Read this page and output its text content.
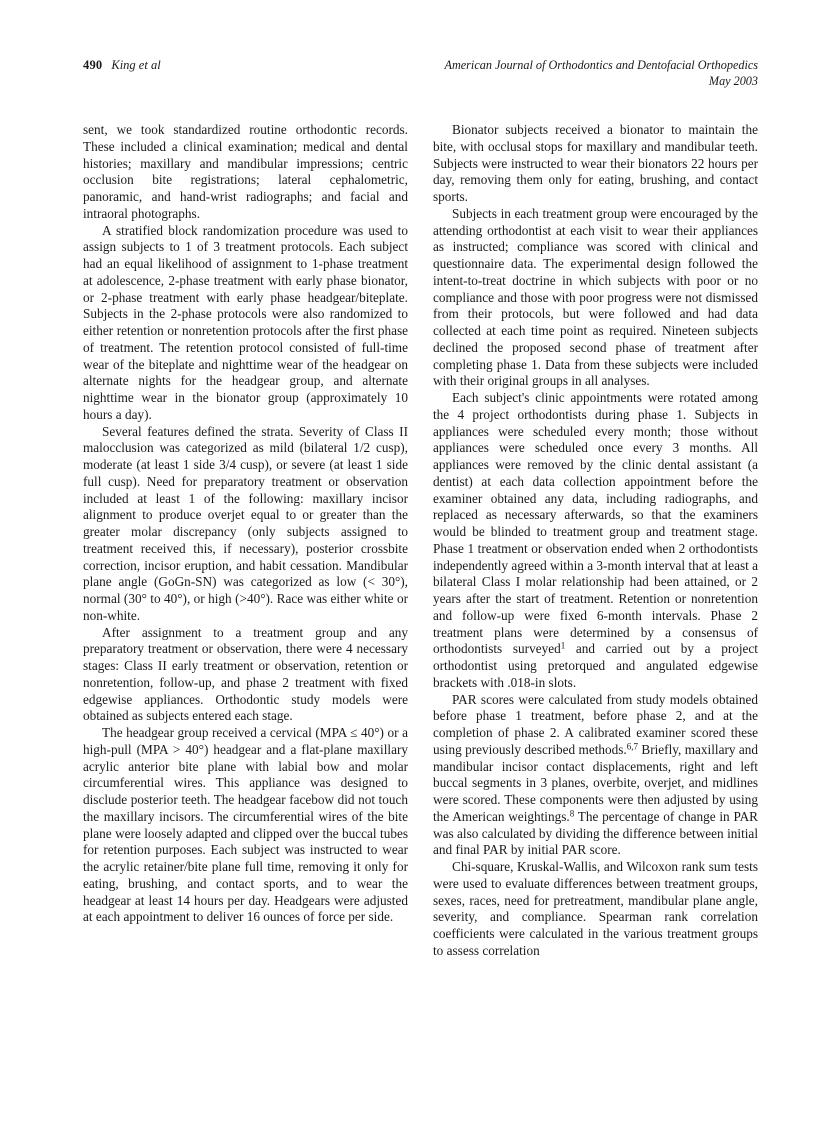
490 King et al	American Journal of Orthodontics and Dentofacial Orthopedics
May 2003

sent, we took standardized routine orthodontic records. These included a clinical examination; medical and dental histories; maxillary and mandibular impressions; centric occlusion bite registrations; lateral cephalometric, panoramic, and hand-wrist radiographs; and facial and intraoral photographs.

A stratified block randomization procedure was used to assign subjects to 1 of 3 treatment protocols. Each subject had an equal likelihood of assignment to 1-phase treatment at adolescence, 2-phase treatment with early phase bionator, or 2-phase treatment with early phase headgear/biteplate. Subjects in the 2-phase protocols were also randomized to either retention or nonretention protocols after the first phase of treatment. The retention protocol consisted of full-time wear of the biteplate and nighttime wear of the headgear on alternate nights for the headgear group, and alternate nighttime wear in the bionator group (approximately 10 hours a day).

Several features defined the strata. Severity of Class II malocclusion was categorized as mild (bilateral 1/2 cusp), moderate (at least 1 side 3/4 cusp), or severe (at least 1 side full cusp). Need for preparatory treatment or observation included at least 1 of the following: maxillary incisor alignment to produce overjet equal to or greater than the greater molar discrepancy (only subjects assigned to treatment received this, if necessary), posterior crossbite correction, incisor eruption, and habit cessation. Mandibular plane angle (GoGn-SN) was categorized as low (< 30°), normal (30° to 40°), or high (>40°). Race was either white or non-white.

After assignment to a treatment group and any preparatory treatment or observation, there were 4 necessary stages: Class II early treatment or observation, retention or nonretention, follow-up, and phase 2 treatment with fixed edgewise appliances. Orthodontic study models were obtained as subjects entered each stage.

The headgear group received a cervical (MPA ≤ 40°) or a high-pull (MPA > 40°) headgear and a flat-plane maxillary acrylic anterior bite plane with labial bow and molar circumferential wires. This appliance was designed to disclude posterior teeth. The headgear facebow did not touch the maxillary incisors. The circumferential wires of the bite plane were loosely adapted and clipped over the buccal tubes for retention purposes. Each subject was instructed to wear the acrylic retainer/bite plane full time, removing it only for eating, brushing, and contact sports, and to wear the headgear at least 14 hours per day. Headgears were adjusted at each appointment to deliver 16 ounces of force per side.

Bionator subjects received a bionator to maintain the bite, with occlusal stops for maxillary and mandibular teeth. Subjects were instructed to wear their bionators 22 hours per day, removing them only for eating, brushing, and contact sports.

Subjects in each treatment group were encouraged by the attending orthodontist at each visit to wear their appliances as instructed; compliance was scored with clinical and questionnaire data. The experimental design followed the intent-to-treat doctrine in which subjects with poor or no compliance and those with poor progress were not dismissed from their protocols, but were followed and had data collected at each time point as required. Nineteen subjects declined the proposed second phase of treatment after completing phase 1. Data from these subjects were included with their original groups in all analyses.

Each subject's clinic appointments were rotated among the 4 project orthodontists during phase 1. Subjects in appliances were scheduled every month; those without appliances were scheduled once every 3 months. All appliances were removed by the clinic dental assistant (a dentist) at each data collection appointment before the examiner obtained any data, including radiographs, and replaced as necessary afterwards, so that the examiners would be blinded to treatment group and treatment stage. Phase 1 treatment or observation ended when 2 orthodontists independently agreed within a 3-month interval that at least a bilateral Class I molar relationship had been attained, or 2 years after the start of treatment. Retention or nonretention and follow-up were fixed 6-month intervals. Phase 2 treatment plans were determined by a consensus of orthodontists surveyed$^1$ and carried out by a project orthodontist using pretorqued and angulated edgewise brackets with .018-in slots.

PAR scores were calculated from study models obtained before phase 1 treatment, before phase 2, and at the completion of phase 2. A calibrated examiner scored these using previously described methods.$^{6,7}$ Briefly, maxillary and mandibular incisor contact displacements, right and left buccal segments in 3 planes, overbite, overjet, and midlines were scored. These components were then adjusted by using the American weightings.$^8$ The percentage of change in PAR was also calculated by dividing the difference between initial and final PAR by initial PAR score.

Chi-square, Kruskal-Wallis, and Wilcoxon rank sum tests were used to evaluate differences between treatment groups, sexes, races, need for pretreatment, mandibular plane angle, severity, and compliance. Spearman rank correlation coefficients were calculated in the various treatment groups to assess correlation
